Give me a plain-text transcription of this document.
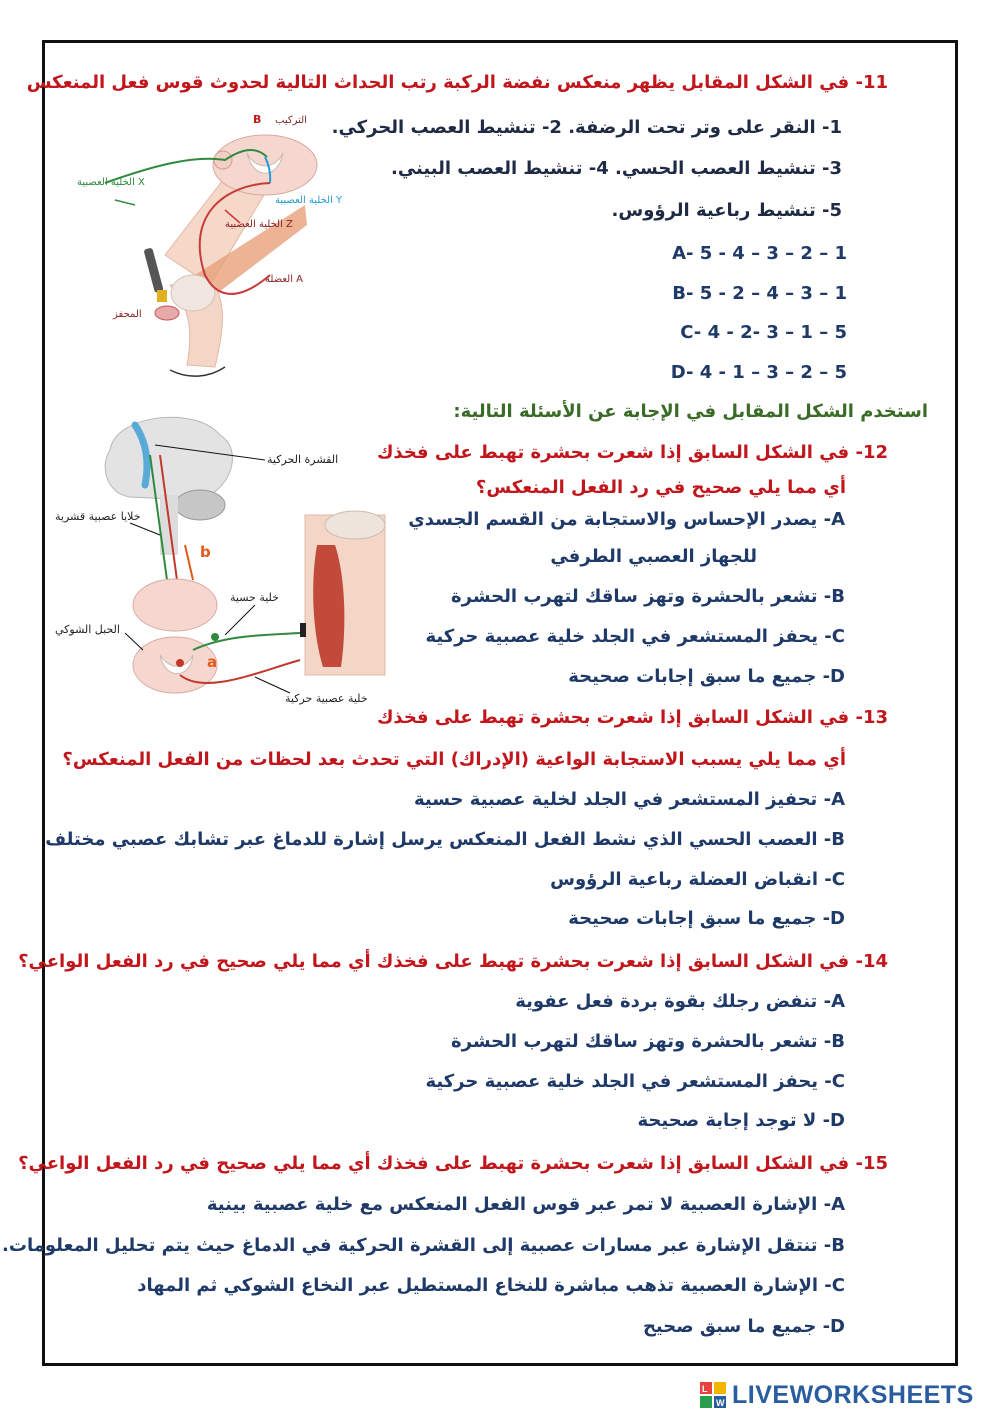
11- في الشكل المقابل يظهر منعكس نفضة الركبة رتب الحداث التالية لحدوث قوس فعل المنعكس
1- النقر على وتر تحت الرضفة. 2- تنشيط العصب الحركي.
3- تنشيط العصب الحسي. 4- تنشيط العصب البيني.
5- تنشيط رباعية الرؤوس.
A- 5 - 4 – 3 – 2 – 1
B- 5 - 2 – 4 – 3 – 1
C- 4 - 2- 3 – 1 – 5
D- 4 - 1 – 3 – 2 – 5
B التركيب
الخلية العصبية X
الخلية العصبية Y
الخلية العصبية Z
العضلة A
المحفز
استخدم الشكل المقابل في الإجابة عن الأسئلة التالية:
12- في الشكل السابق إذا شعرت بحشرة تهبط على فخذك
أي مما يلي صحيح في رد الفعل المنعكس؟
A- يصدر الإحساس والاستجابة من القسم الجسدي
للجهاز العصبي الطرفي
B- تشعر بالحشرة وتهز ساقك لتهرب الحشرة
C- يحفز المستشعر في الجلد خلية عصبية حركية
D- جميع ما سبق إجابات صحيحة
القشرة الحركية
خلايا عصبية قشرية
خلية حسية
الحبل الشوكي
خلية عصبية حركية
b
a
13- في الشكل السابق إذا شعرت بحشرة تهبط على فخذك
أي مما يلي يسبب الاستجابة الواعية (الإدراك) التي تحدث بعد لحظات من الفعل المنعكس؟
A- تحفيز المستشعر في الجلد لخلية عصبية حسية
B- العصب الحسي الذي نشط الفعل المنعكس يرسل إشارة للدماغ عبر تشابك عصبي مختلف
C- انقباض العضلة رباعية الرؤوس
D- جميع ما سبق إجابات صحيحة
14- في الشكل السابق إذا شعرت بحشرة تهبط على فخذك أي مما يلي صحيح في رد الفعل الواعي؟
A- تنفض رجلك بقوة بردة فعل عفوية
B- تشعر بالحشرة وتهز ساقك لتهرب الحشرة
C- يحفز المستشعر في الجلد خلية عصبية حركية
D- لا توجد إجابة صحيحة
15- في الشكل السابق إذا شعرت بحشرة تهبط على فخذك أي مما يلي صحيح في رد الفعل الواعي؟
A- الإشارة العصبية لا تمر عبر قوس الفعل المنعكس مع خلية عصبية بينية
B- تنتقل الإشارة عبر مسارات عصبية إلى القشرة الحركية في الدماغ حيث يتم تحليل المعلومات.
C- الإشارة العصبية تذهب مباشرة للنخاع المستطيل عبر النخاع الشوكي ثم المهاد
D- جميع ما سبق صحيح
L
W LIVEWORKSHEETS
